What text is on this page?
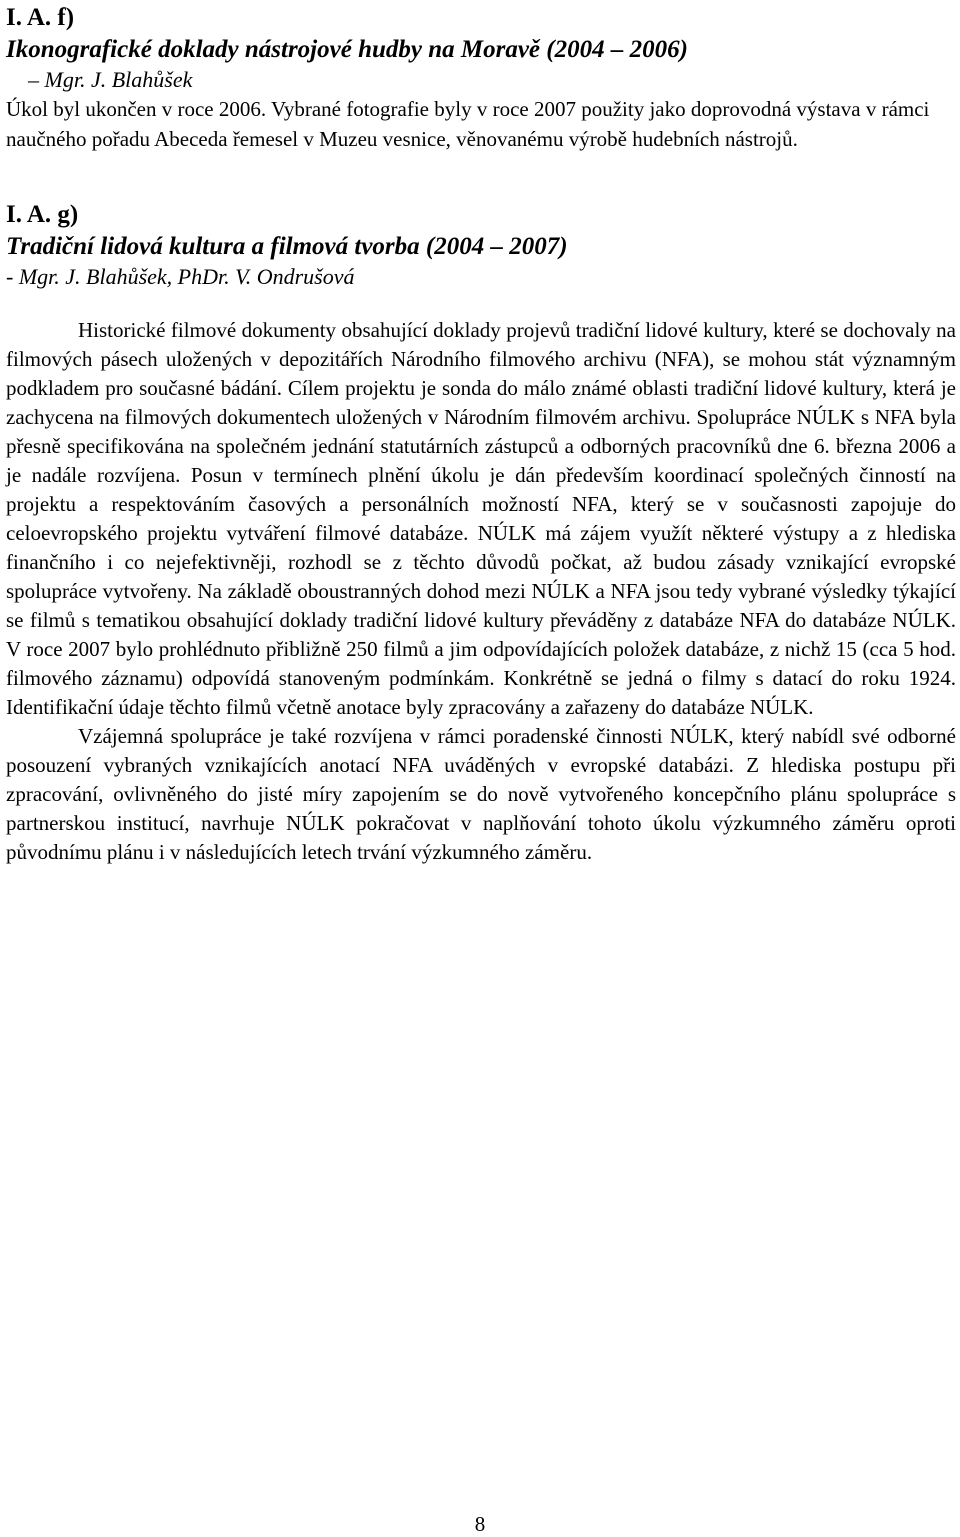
I. A. f)
Ikonografické doklady nástrojové hudby na Moravě (2004 – 2006)
– Mgr. J. Blahůšek

Úkol byl ukončen v roce 2006. Vybrané fotografie byly v roce 2007 použity jako doprovodná výstava v rámci naučného pořadu Abeceda řemesel v Muzeu vesnice, věnovanému výrobě hudebních nástrojů.

I. A. g)
Tradiční lidová kultura a filmová tvorba (2004 – 2007)
- Mgr. J. Blahůšek, PhDr. V. Ondrušová

Historické filmové dokumenty obsahující doklady projevů tradiční lidové kultury, které se dochovaly na filmových pásech uložených v depozitářích Národního filmového archivu (NFA), se mohou stát významným podkladem pro současné bádání. Cílem projektu je sonda do málo známé oblasti tradiční lidové kultury, která je zachycena na filmových dokumentech uložených v Národním filmovém archivu. Spolupráce NÚLK s NFA byla přesně specifikována na společném jednání statutárních zástupců a odborných pracovníků dne 6. března 2006 a je nadále rozvíjena. Posun v termínech plnění úkolu je dán především koordinací společných činností na projektu a respektováním časových a personálních možností NFA, který se v současnosti zapojuje do celoevropského projektu vytváření filmové databáze. NÚLK má zájem využít některé výstupy a z hlediska finančního i co nejefektivněji, rozhodl se z těchto důvodů počkat, až budou zásady vznikající evropské spolupráce vytvořeny. Na základě oboustranných dohod mezi NÚLK a NFA jsou tedy vybrané výsledky týkající se filmů s tematikou obsahující doklady tradiční lidové kultury převáděny z databáze NFA do databáze NÚLK. V roce 2007 bylo prohlédnuto přibližně 250 filmů a jim odpovídajících položek databáze, z nichž 15 (cca 5 hod. filmového záznamu) odpovídá stanoveným podmínkám. Konkrétně se jedná o filmy s datací do roku 1924. Identifikační údaje těchto filmů včetně anotace byly zpracovány a zařazeny do databáze NÚLK.

Vzájemná spolupráce je také rozvíjena v rámci poradenské činnosti NÚLK, který nabídl své odborné posouzení vybraných vznikajících anotací NFA uváděných v evropské databázi. Z hlediska postupu při zpracování, ovlivněného do jisté míry zapojením se do nově vytvořeného koncepčního plánu spolupráce s partnerskou institucí, navrhuje NÚLK pokračovat v naplňování tohoto úkolu výzkumného záměru oproti původnímu plánu i v následujících letech trvání výzkumného záměru.

8
